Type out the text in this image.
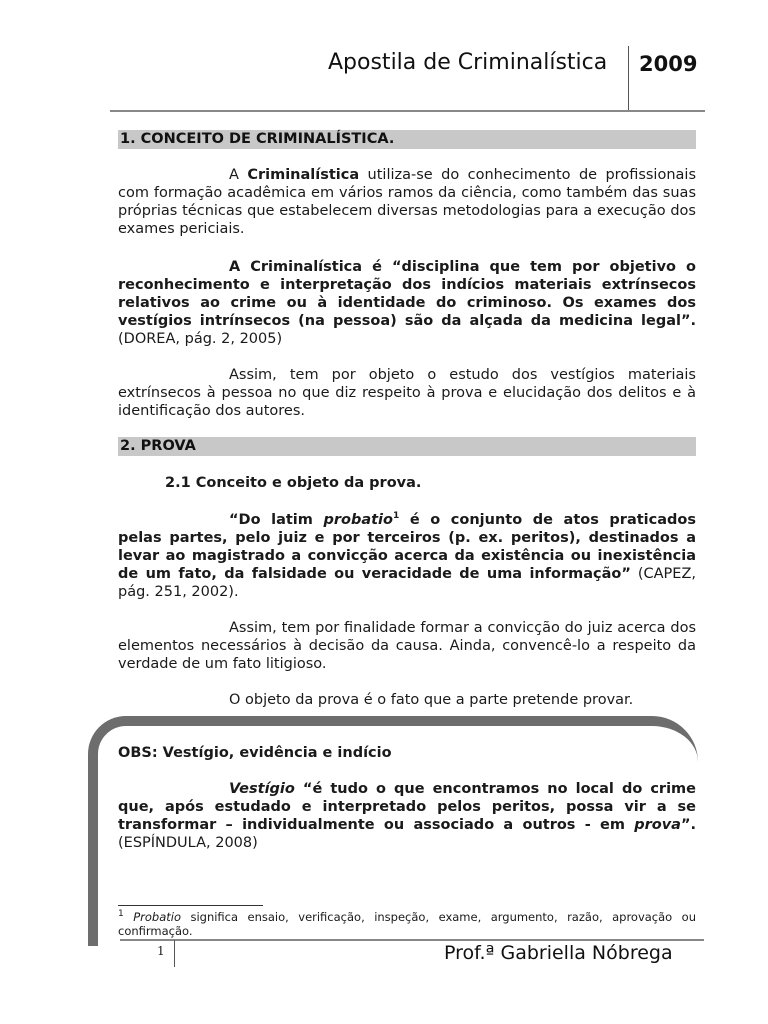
Apostila de Criminalística 2009
1. CONCEITO DE CRIMINALÍSTICA.
A Criminalística utiliza-se do conhecimento de profissionais com formação acadêmica em vários ramos da ciência, como também das suas próprias técnicas que estabelecem diversas metodologias para a execução dos exames periciais.
A Criminalística é “disciplina que tem por objetivo o reconhecimento e interpretação dos indícios materiais extrínsecos relativos ao crime ou à identidade do criminoso. Os exames dos vestígios intrínsecos (na pessoa) são da alçada da medicina legal”. (DOREA, pág. 2, 2005)
Assim, tem por objeto o estudo dos vestígios materiais extrínsecos à pessoa no que diz respeito à prova e elucidação dos delitos e à identificação dos autores.
2. PROVA
2.1 Conceito e objeto da prova.
“Do latim probatio$^1$ é o conjunto de atos praticados pelas partes, pelo juiz e por terceiros (p. ex. peritos), destinados a levar ao magistrado a convicção acerca da existência ou inexistência de um fato, da falsidade ou veracidade de uma informação” (CAPEZ, pág. 251, 2002).
Assim, tem por finalidade formar a convicção do juiz acerca dos elementos necessários à decisão da causa. Ainda, convencê-lo a respeito da verdade de um fato litigioso.
O objeto da prova é o fato que a parte pretende provar.
OBS: Vestígio, evidência e indício
Vestígio “é tudo o que encontramos no local do crime que, após estudado e interpretado pelos peritos, possa vir a se transformar – individualmente ou associado a outros - em prova”. (ESPÍNDULA, 2008)
$^1$ Probatio significa ensaio, verificação, inspeção, exame, argumento, razão, aprovação ou confirmação.
1	Prof.ª Gabriella Nóbrega
